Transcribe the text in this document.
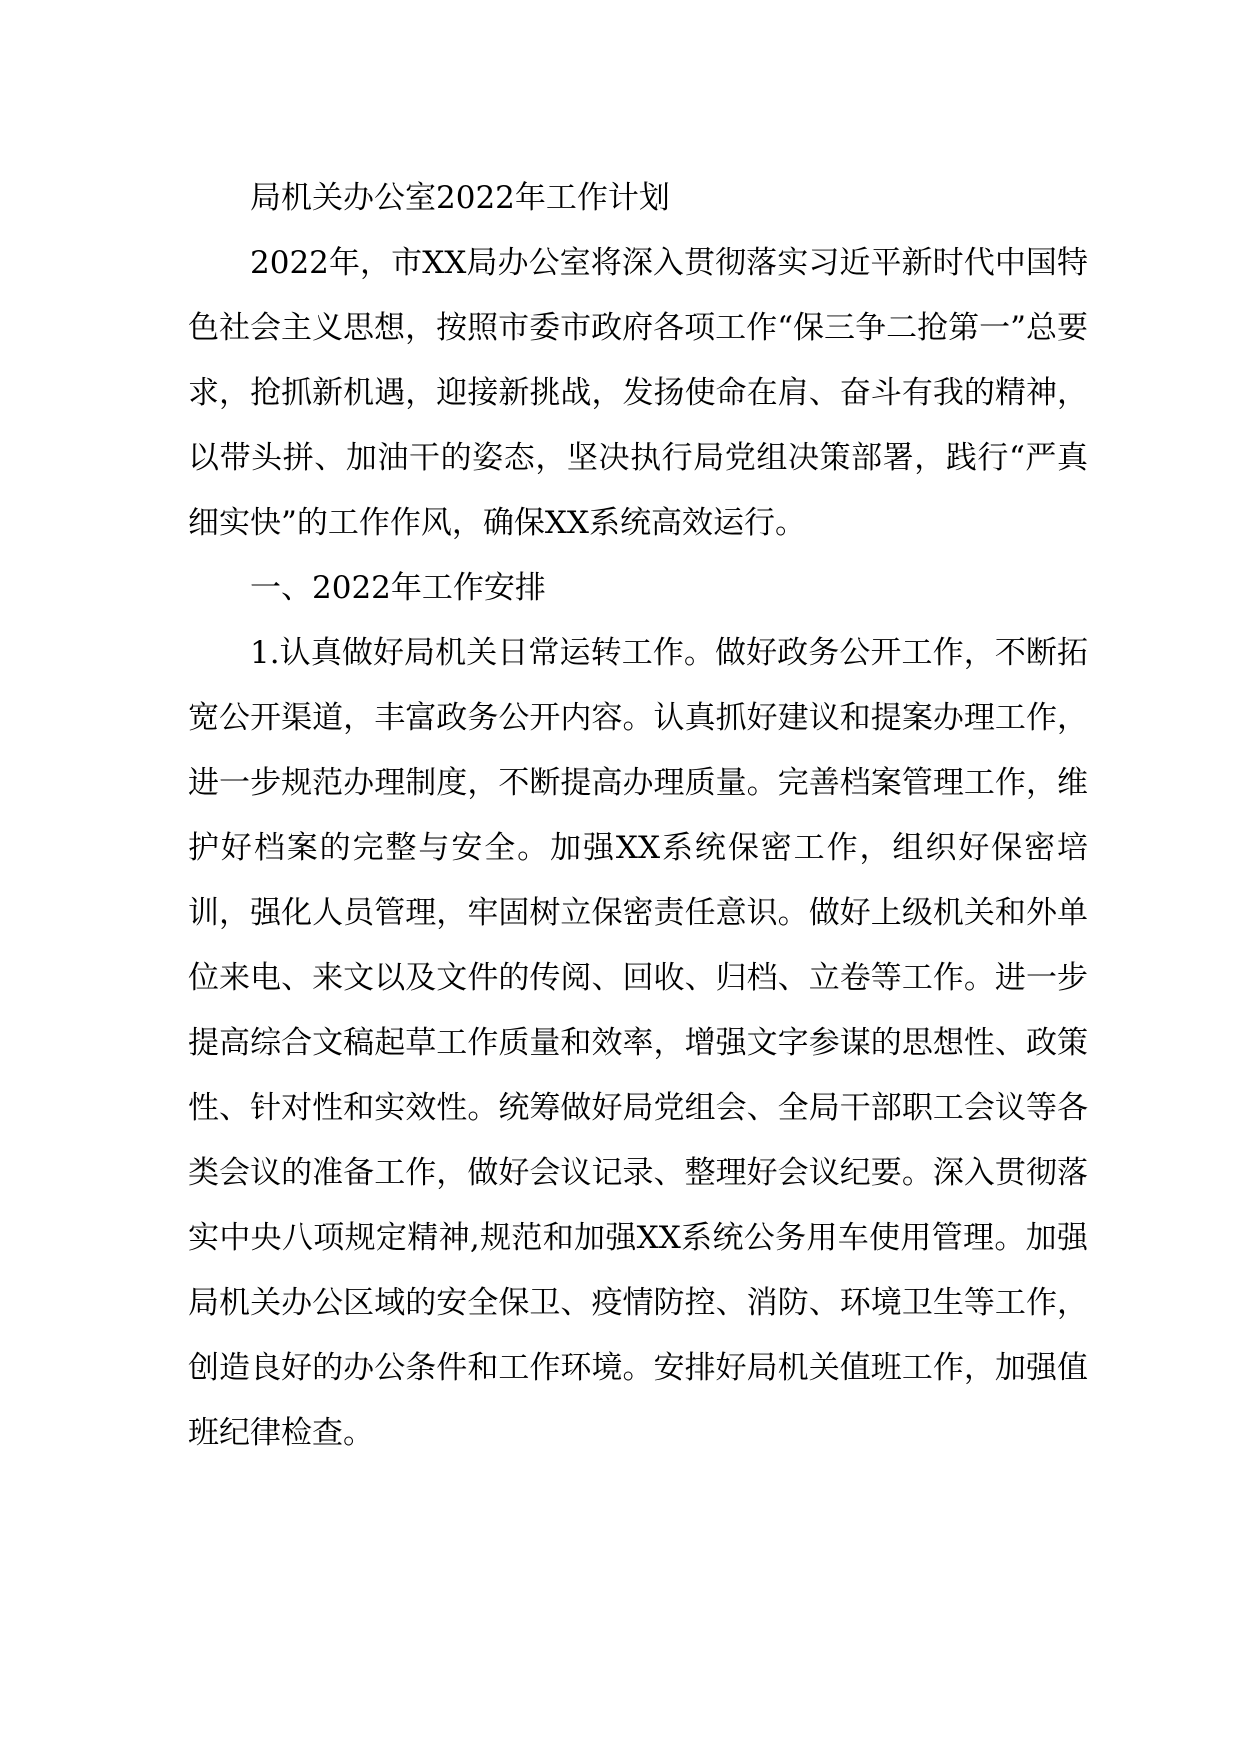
局机关办公室2022年工作计划

2022年，市XX局办公室将深入贯彻落实习近平新时代中国特色社会主义思想，按照市委市政府各项工作“保三争二抢第一”总要求，抢抓新机遇，迎接新挑战，发扬使命在肩、奋斗有我的精神，以带头拼、加油干的姿态，坚决执行局党组决策部署，践行“严真细实快”的工作作风，确保XX系统高效运行。

一、2022年工作安排

1.认真做好局机关日常运转工作。做好政务公开工作，不断拓宽公开渠道，丰富政务公开内容。认真抓好建议和提案办理工作，进一步规范办理制度，不断提高办理质量。完善档案管理工作，维护好档案的完整与安全。加强XX系统保密工作，组织好保密培训，强化人员管理，牢固树立保密责任意识。做好上级机关和外单位来电、来文以及文件的传阅、回收、归档、立卷等工作。进一步提高综合文稿起草工作质量和效率，增强文字参谋的思想性、政策性、针对性和实效性。统筹做好局党组会、全局干部职工会议等各类会议的准备工作，做好会议记录、整理好会议纪要。深入贯彻落实中央八项规定精神,规范和加强XX系统公务用车使用管理。加强局机关办公区域的安全保卫、疫情防控、消防、环境卫生等工作，创造良好的办公条件和工作环境。安排好局机关值班工作，加强值班纪律检查。
